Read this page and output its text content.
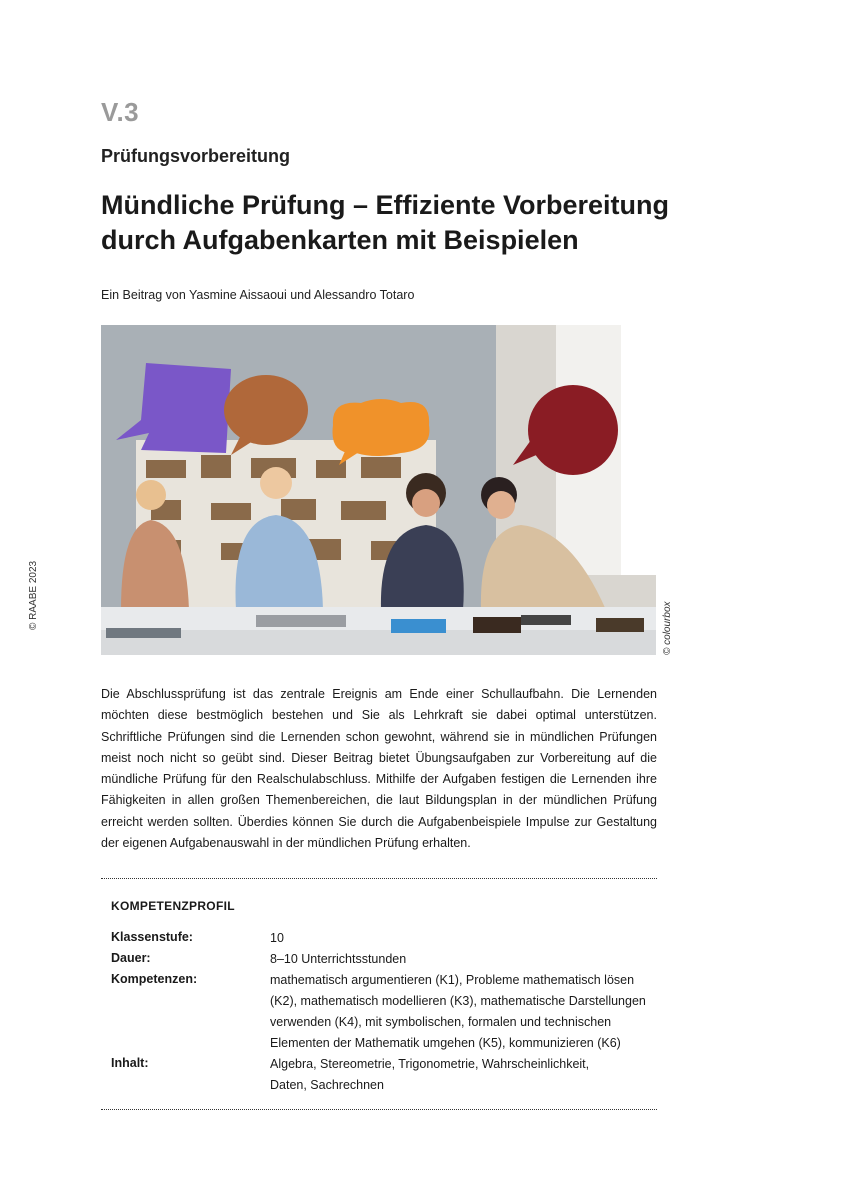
V.3
Prüfungsvorbereitung
Mündliche Prüfung – Effiziente Vorbereitung
durch Aufgabenkarten mit Beispielen
Ein Beitrag von Yasmine Aissaoui und Alessandro Totaro
© RAABE 2023	© colourbox
Die Abschlussprüfung ist das zentrale Ereignis am Ende einer Schullaufbahn. Die Lernenden möchten diese bestmöglich bestehen und Sie als Lehrkraft sie dabei optimal unterstützen. Schriftliche Prüfungen sind die Lernenden schon gewohnt, während sie in mündlichen Prüfungen meist noch nicht so geübt sind. Dieser Beitrag bietet Übungsaufgaben zur Vorbereitung auf die mündliche Prüfung für den Realschulabschluss. Mithilfe der Aufgaben festigen die Lernenden ihre Fähigkeiten in allen großen Themenbereichen, die laut Bildungsplan in der mündlichen Prüfung erreicht werden sollten. Überdies können Sie durch die Aufgabenbeispiele Impulse zur Gestaltung der eigenen Aufgabenauswahl in der mündlichen Prüfung erhalten.
KOMPETENZPROFIL
Klassenstufe:	10
Dauer:	8–10 Unterrichtsstunden
Kompetenzen:	mathematisch argumentieren (K1), Probleme mathematisch lösen (K2), mathematisch modellieren (K3), mathematische Darstellungen verwenden (K4), mit symbolischen, formalen und technischen Elementen der Mathematik umgehen (K5), kommunizieren (K6)
Inhalt:	Algebra, Stereometrie, Trigonometrie, Wahrscheinlichkeit, Daten, Sachrechnen
